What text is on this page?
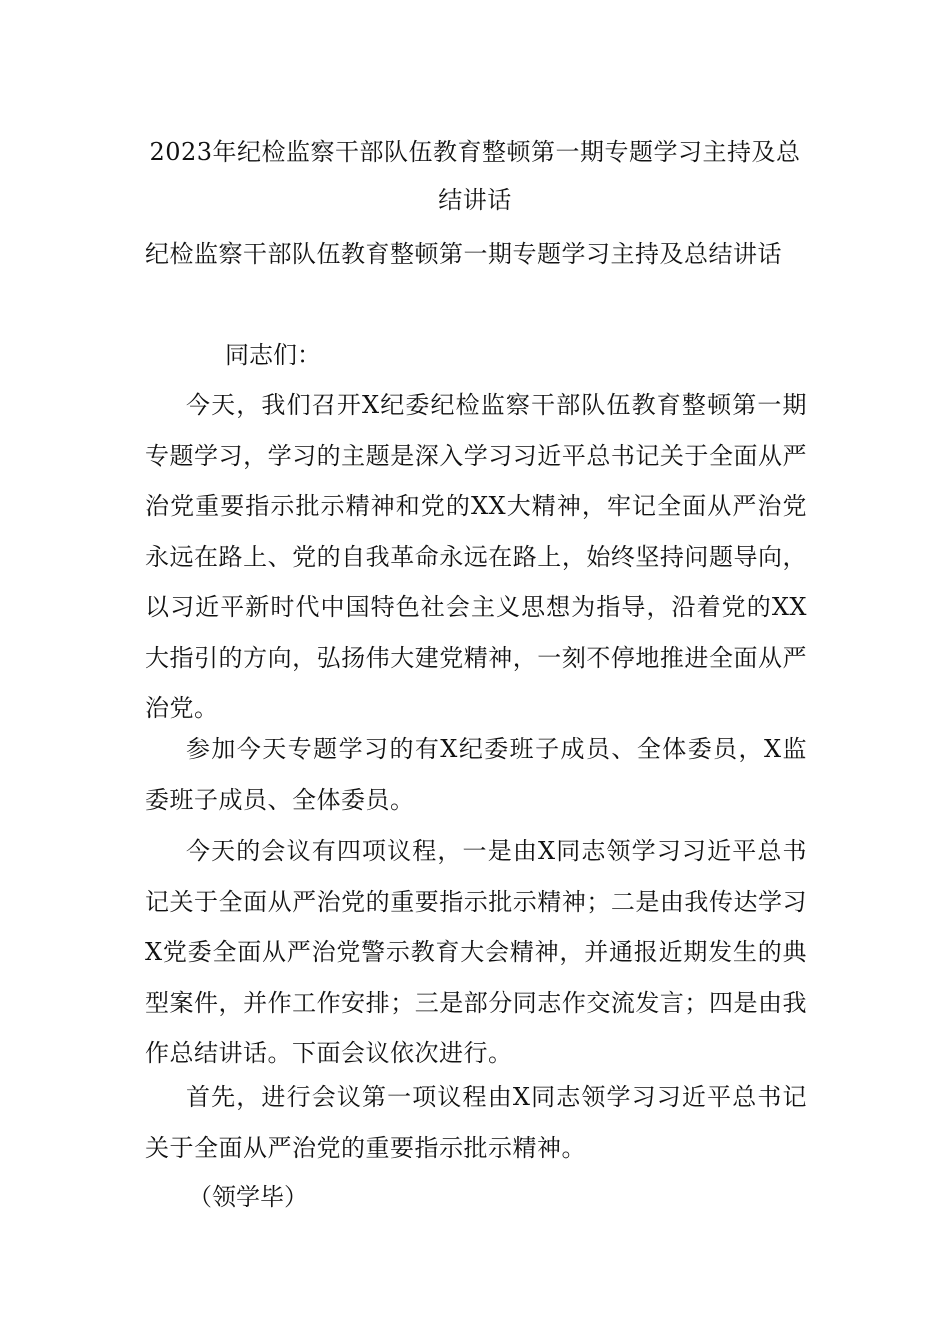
2023年纪检监察干部队伍教育整顿第一期专题学习主持及总结讲话

纪检监察干部队伍教育整顿第一期专题学习主持及总结讲话

同志们：

今天，我们召开X纪委纪检监察干部队伍教育整顿第一期专题学习，学习的主题是深入学习习近平总书记关于全面从严治党重要指示批示精神和党的XX大精神，牢记全面从严治党永远在路上、党的自我革命永远在路上，始终坚持问题导向，以习近平新时代中国特色社会主义思想为指导，沿着党的XX大指引的方向，弘扬伟大建党精神，一刻不停地推进全面从严治党。

参加今天专题学习的有X纪委班子成员、全体委员，X监委班子成员、全体委员。

今天的会议有四项议程，一是由X同志领学习习近平总书记关于全面从严治党的重要指示批示精神；二是由我传达学习X党委全面从严治党警示教育大会精神，并通报近期发生的典型案件，并作工作安排；三是部分同志作交流发言；四是由我作总结讲话。下面会议依次进行。

首先，进行会议第一项议程由X同志领学习习近平总书记关于全面从严治党的重要指示批示精神。

（领学毕）
